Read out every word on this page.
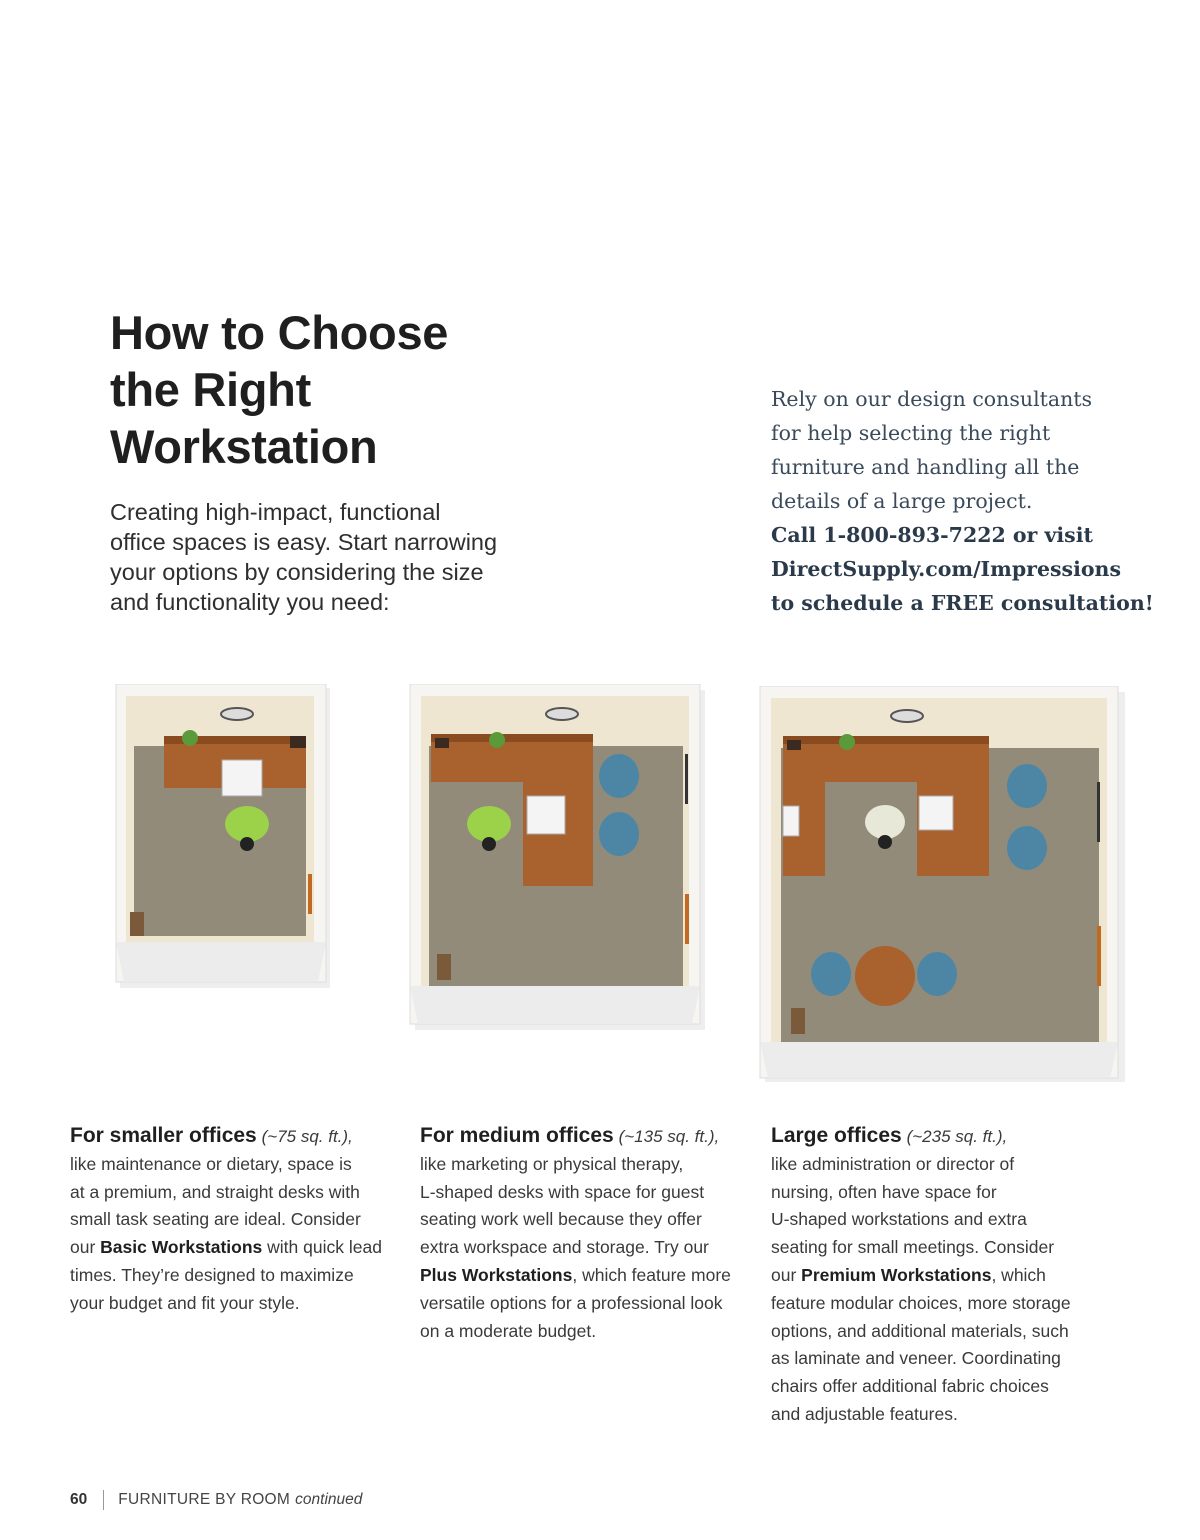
How to Choose
the Right
Workstation

Creating high-impact, functional
office spaces is easy. Start narrowing
your options by considering the size
and functionality you need:

Rely on our design consultants
for help selecting the right
furniture and handling all the
details of a large project.
Call 1-800-893-7222 or visit
DirectSupply.com/Impressions
to schedule a FREE consultation!
For smaller offices (~75 sq. ft.),
like maintenance or dietary, space is
at a premium, and straight desks with
small task seating are ideal. Consider
our Basic Workstations with quick lead
times. They’re designed to maximize
your budget and fit your style.
For medium offices (~135 sq. ft.),
like marketing or physical therapy,
L-shaped desks with space for guest
seating work well because they offer
extra workspace and storage. Try our
Plus Workstations, which feature more
versatile options for a professional look
on a moderate budget.
Large offices (~235 sq. ft.),
like administration or director of
nursing, often have space for
U-shaped workstations and extra
seating for small meetings. Consider
our Premium Workstations, which
feature modular choices, more storage
options, and additional materials, such
as laminate and veneer. Coordinating
chairs offer additional fabric choices
and adjustable features.
60 FURNITURE BY ROOM continued
